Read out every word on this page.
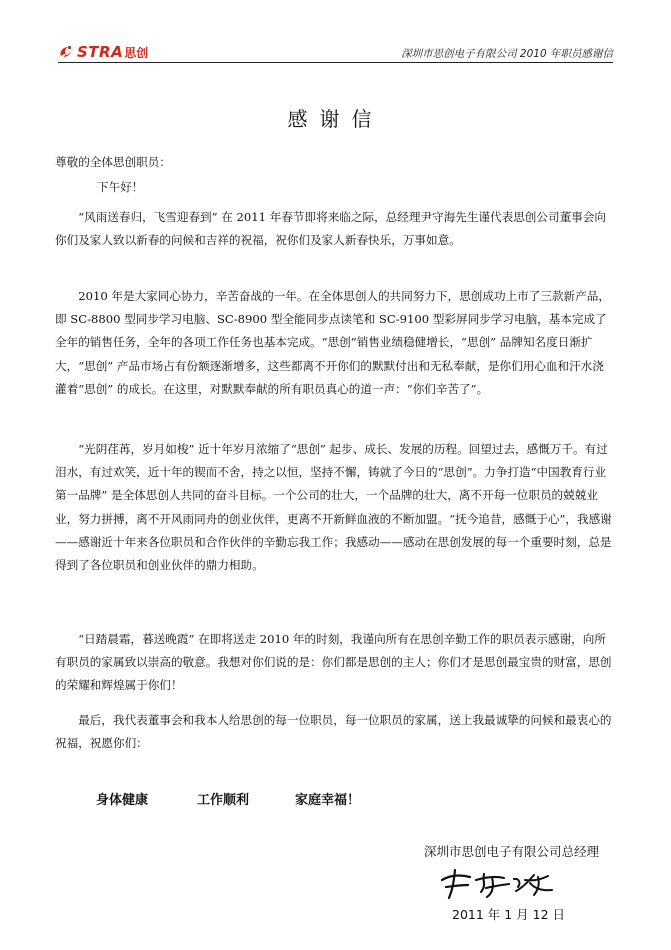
STRA 思创	深圳市思创电子有限公司 2010 年职员感谢信
感谢信
尊敬的全体思创职员：
下午好！
“风雨送春归，飞雪迎春到” 在 2011 年春节即将来临之际，总经理尹守海先生谨代表思创公司董事会向你们及家人致以新春的问候和吉祥的祝福，祝你们及家人新春快乐，万事如意。
2010 年是大家同心协力，辛苦奋战的一年。在全体思创人的共同努力下，思创成功上市了三款新产品，即 SC-8800 型同步学习电脑、SC-8900 型全能同步点读笔和 SC-9100 型彩屏同步学习电脑，基本完成了全年的销售任务，全年的各项工作任务也基本完成。“思创”销售业绩稳健增长，“思创” 品牌知名度日渐扩大，“思创” 产品市场占有份额逐渐增多，这些都离不开你们的默默付出和无私奉献，是你们用心血和汗水浇灌着“思创” 的成长。在这里，对默默奉献的所有职员真心的道一声：“你们辛苦了”。
“光阴荏苒，岁月如梭” 近十年岁月浓缩了“思创” 起步、成长、发展的历程。回望过去，感慨万千。有过泪水，有过欢笑，近十年的锲而不舍，持之以恒，坚持不懈，铸就了今日的“思创”。力争打造“中国教育行业第一品牌” 是全体思创人共同的奋斗目标。一个公司的壮大，一个品牌的壮大，离不开每一位职员的兢兢业业，努力拼搏，离不开风雨同舟的创业伙伴，更离不开新鲜血液的不断加盟。“抚今追昔，感慨于心”，我感谢——感谢近十年来各位职员和合作伙伴的辛勤忘我工作；我感动——感动在思创发展的每一个重要时刻，总是得到了各位职员和创业伙伴的鼎力相助。
“日踏晨霜，暮送晚霞” 在即将送走 2010 年的时刻，我谨向所有在思创辛勤工作的职员表示感谢，向所有职员的家属致以崇高的敬意。我想对你们说的是：你们都是思创的主人；你们才是思创最宝贵的财富，思创的荣耀和辉煌属于你们！
最后，我代表董事会和我本人给思创的每一位职员，每一位职员的家属，送上我最诚挚的问候和最衷心的祝福，祝愿你们：
身体健康	工作顺利	家庭幸福！
深圳市思创电子有限公司总经理
2011 年 1 月 12 日
